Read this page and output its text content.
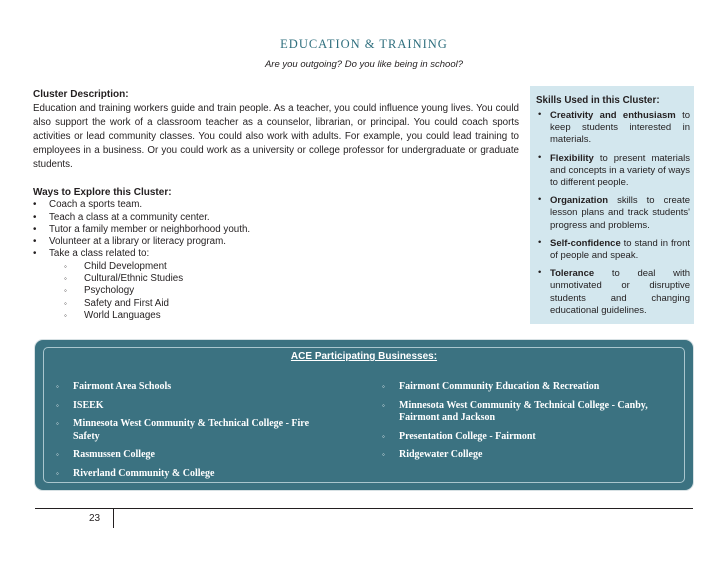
EDUCATION & TRAINING
Are you outgoing? Do you like being in school?
Cluster Description:

Education and training workers guide and train people. As a teacher, you could influence young lives. You could also support the work of a classroom teacher as a counselor, librarian, or principal. You could coach sports activities or lead community classes. You could also work with adults. For example, you could lead training to employees in a business. Or you could work as a university or college professor for undergraduate or graduate students.

Ways to Explore this Cluster:
• Coach a sports team.
• Teach a class at a community center.
• Tutor a family member or neighborhood youth.
• Volunteer at a library or literacy program.
• Take a class related to:
◦ Child Development
◦ Cultural/Ethnic Studies
◦ Psychology
◦ Safety and First Aid
◦ World Languages
Skills Used in this Cluster:
• Creativity and enthusiasm to keep students interested in materials.
• Flexibility to present materials and concepts in a variety of ways to different people.
• Organization skills to create lesson plans and track students' progress and problems.
• Self-confidence to stand in front of people and speak.
• Tolerance to deal with unmotivated or disruptive students and changing educational guidelines.
ACE Participating Businesses:
◦ Fairmont Area Schools
◦ ISEEK
◦ Minnesota West Community & Technical College - Fire Safety
◦ Rasmussen College
◦ Riverland Community & College
◦ Fairmont Community Education & Recreation
◦ Minnesota West Community & Technical College - Canby, Fairmont and Jackson
◦ Presentation College - Fairmont
◦ Ridgewater College
23
